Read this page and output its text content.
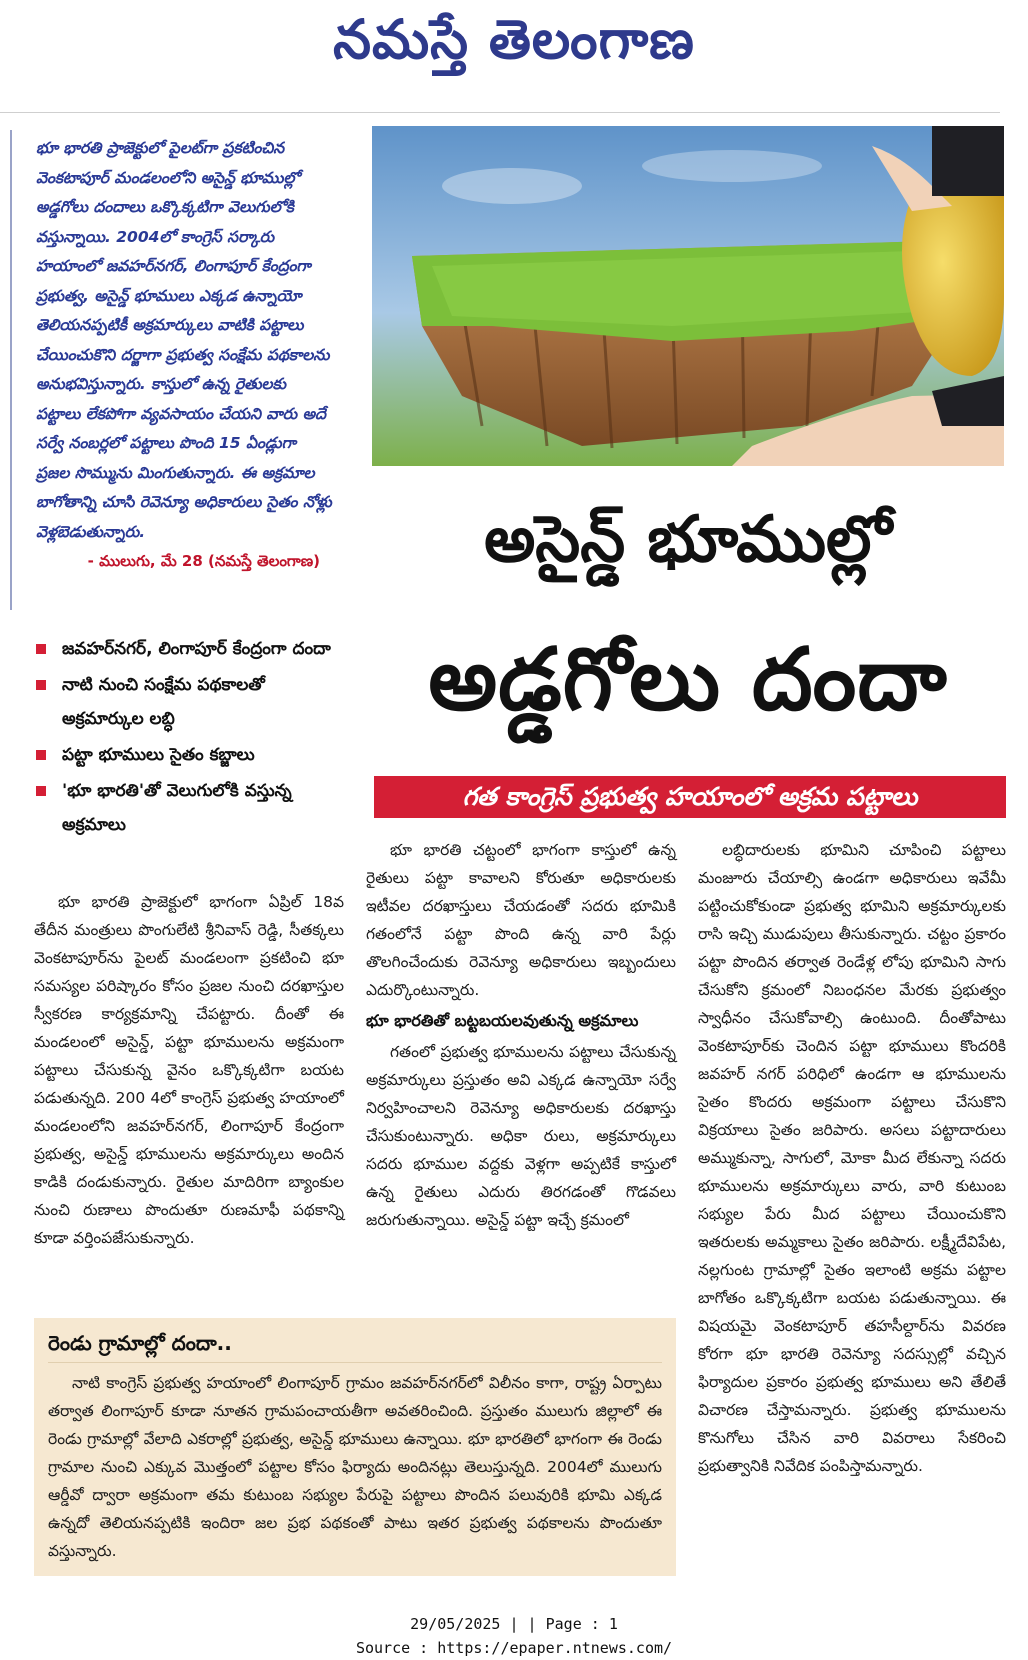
నమస్తే తెలంగాణ
భూ భారతి ప్రాజెక్టులో పైలట్‌గా ప్రకటించిన వెంకటాపూర్ మండలంలోని అసైన్డ్ భూముల్లో అడ్డగోలు దందాలు ఒక్కొక్కటిగా వెలుగులోకి వస్తున్నాయి. 2004లో కాంగ్రెస్ సర్కారు హయాంలో జవహర్‌నగర్, లింగాపూర్ కేంద్రంగా ప్రభుత్వ, అసైన్డ్ భూములు ఎక్కడ ఉన్నాయో తెలియనప్పటికీ అక్రమార్కులు వాటికి పట్టాలు చేయించుకొని దర్జాగా ప్రభుత్వ సంక్షేమ పథకాలను అనుభవిస్తున్నారు. కాస్తులో ఉన్న రైతులకు పట్టాలు లేకపోగా వ్యవసాయం చేయని వారు అదే సర్వే నంబర్లలో పట్టాలు పొంది 15 ఏండ్లుగా ప్రజల సొమ్మును మింగుతున్నారు. ఈ అక్రమాల బాగోతాన్ని చూసి రెవెన్యూ అధికారులు సైతం నోళ్లు వెళ్లబెడుతున్నారు.
- ములుగు, మే 28 (నమస్తే తెలంగాణ)	అసైన్డ్ భూముల్లో
అడ్డగోలు దందా
గత కాంగ్రెస్ ప్రభుత్వ హయాంలో అక్రమ పట్టాలు
జవహర్‌నగర్, లింగాపూర్ కేంద్రంగా దందా
నాటి నుంచి సంక్షేమ పథకాలతో అక్రమార్కుల లబ్ధి
పట్టా భూములు సైతం కబ్జాలు
'భూ భారతి'తో వెలుగులోకి వస్తున్న అక్రమాలు

భూ భారతి ప్రాజెక్టులో భాగంగా ఏప్రిల్ 18వ తేదీన మంత్రులు పొంగులేటి శ్రీనివాస్ రెడ్డి, సీతక్కలు వెంకటాపూర్‌ను పైలట్ మండలంగా ప్రకటించి భూ సమస్యల పరిష్కారం కోసం ప్రజల నుంచి దరఖాస్తుల స్వీకరణ కార్యక్రమాన్ని చేపట్టారు. దీంతో ఈ మండలంలో అసైన్డ్, పట్టా భూములను అక్రమంగా పట్టాలు చేసుకున్న వైనం ఒక్కొక్కటిగా బయట పడుతున్నది. 200 4లో కాంగ్రెస్ ప్రభుత్వ హయాంలో మండలంలోని జవహర్‌నగర్, లింగాపూర్ కేంద్రంగా ప్రభుత్వ, అసైన్డ్ భూములను అక్రమార్కులు అందిన కాడికి దండుకున్నారు. రైతుల మాదిరిగా బ్యాంకుల నుంచి రుణాలు పొందుతూ రుణమాఫీ పథకాన్ని కూడా వర్తింపజేసుకున్నారు.

భూ భారతి చట్టంలో భాగంగా కాస్తులో ఉన్న రైతులు పట్టా కావాలని కోరుతూ అధికారులకు ఇటీవల దరఖాస్తులు చేయడంతో సదరు భూమికి గతంలోనే పట్టా పొంది ఉన్న వారి పేర్లు తొలగించేందుకు రెవెన్యూ అధికారులు ఇబ్బందులు ఎదుర్కొంటున్నారు.

భూ భారతితో బట్టబయలవుతున్న అక్రమాలు

గతంలో ప్రభుత్వ భూములను పట్టాలు చేసుకున్న అక్రమార్కులు ప్రస్తుతం అవి ఎక్కడ ఉన్నాయో సర్వే నిర్వహించాలని రెవెన్యూ అధికారులకు దరఖాస్తు చేసుకుంటున్నారు. అధికా రులు, అక్రమార్కులు సదరు భూముల వద్దకు వెళ్లగా అప్పటికే కాస్తులో ఉన్న రైతులు ఎదురు తిరగడంతో గొడవలు జరుగుతున్నాయి. అసైన్డ్ పట్టా ఇచ్చే క్రమంలో

లబ్ధిదారులకు భూమిని చూపించి పట్టాలు మంజూరు చేయాల్సి ఉండగా అధికారులు ఇవేమీ పట్టించుకోకుండా ప్రభుత్వ భూమిని అక్రమార్కులకు రాసి ఇచ్చి ముడుపులు తీసుకున్నారు. చట్టం ప్రకారం పట్టా పొందిన తర్వాత రెండేళ్ల లోపు భూమిని సాగు చేసుకోని క్రమంలో నిబంధనల మేరకు ప్రభుత్వం స్వాధీనం చేసుకోవాల్సి ఉంటుంది. దీంతోపాటు వెంకటాపూర్‌కు చెందిన పట్టా భూములు కొందరికి జవహర్ నగర్ పరిధిలో ఉండగా ఆ భూములను సైతం కొందరు అక్రమంగా పట్టాలు చేసుకొని విక్రయాలు సైతం జరిపారు. అసలు పట్టాదారులు అమ్ముకున్నా, సాగులో, మోకా మీద లేకున్నా సదరు భూములను అక్రమార్కులు వారు, వారి కుటుంబ సభ్యుల పేరు మీద పట్టాలు చేయించుకొని ఇతరులకు అమ్మకాలు సైతం జరిపారు. లక్ష్మీదేవిపేట, నల్లగుంట గ్రామాల్లో సైతం ఇలాంటి అక్రమ పట్టాల బాగోతం ఒక్కొక్కటిగా బయట పడుతున్నాయి. ఈ విషయమై వెంకటాపూర్ తహసీల్దార్‌ను వివరణ కోరగా భూ భారతి రెవెన్యూ సదస్సుల్లో వచ్చిన ఫిర్యాదుల ప్రకారం ప్రభుత్వ భూములు అని తేలితే విచారణ చేస్తామన్నారు. ప్రభుత్వ భూములను కొనుగోలు చేసిన వారి వివరాలు సేకరించి ప్రభుత్వానికి నివేదిక పంపిస్తామన్నారు.

రెండు గ్రామాల్లో దందా..

నాటి కాంగ్రెస్ ప్రభుత్వ హయాంలో లింగాపూర్ గ్రామం జవహర్‌నగర్‌లో విలీనం కాగా, రాష్ట్ర ఏర్పాటు తర్వాత లింగాపూర్ కూడా నూతన గ్రామపంచాయతీగా అవతరించింది. ప్రస్తుతం ములుగు జిల్లాలో ఈ రెండు గ్రామాల్లో వేలాది ఎకరాల్లో ప్రభుత్వ, అసైన్డ్ భూములు ఉన్నాయి. భూ భారతిలో భాగంగా ఈ రెండు గ్రామాల నుంచి ఎక్కువ మొత్తంలో పట్టాల కోసం ఫిర్యాదు అందినట్లు తెలుస్తున్నది. 2004లో ములుగు ఆర్డీవో ద్వారా అక్రమంగా తమ కుటుంబ సభ్యుల పేరుపై పట్టాలు పొందిన పలువురికి భూమి ఎక్కడ ఉన్నదో తెలియనప్పటికి ఇందిరా జల ప్రభ పథకంతో పాటు ఇతర ప్రభుత్వ పథకాలను పొందుతూ వస్తున్నారు.

29/05/2025 | | Page : 1
Source : https://epaper.ntnews.com/
